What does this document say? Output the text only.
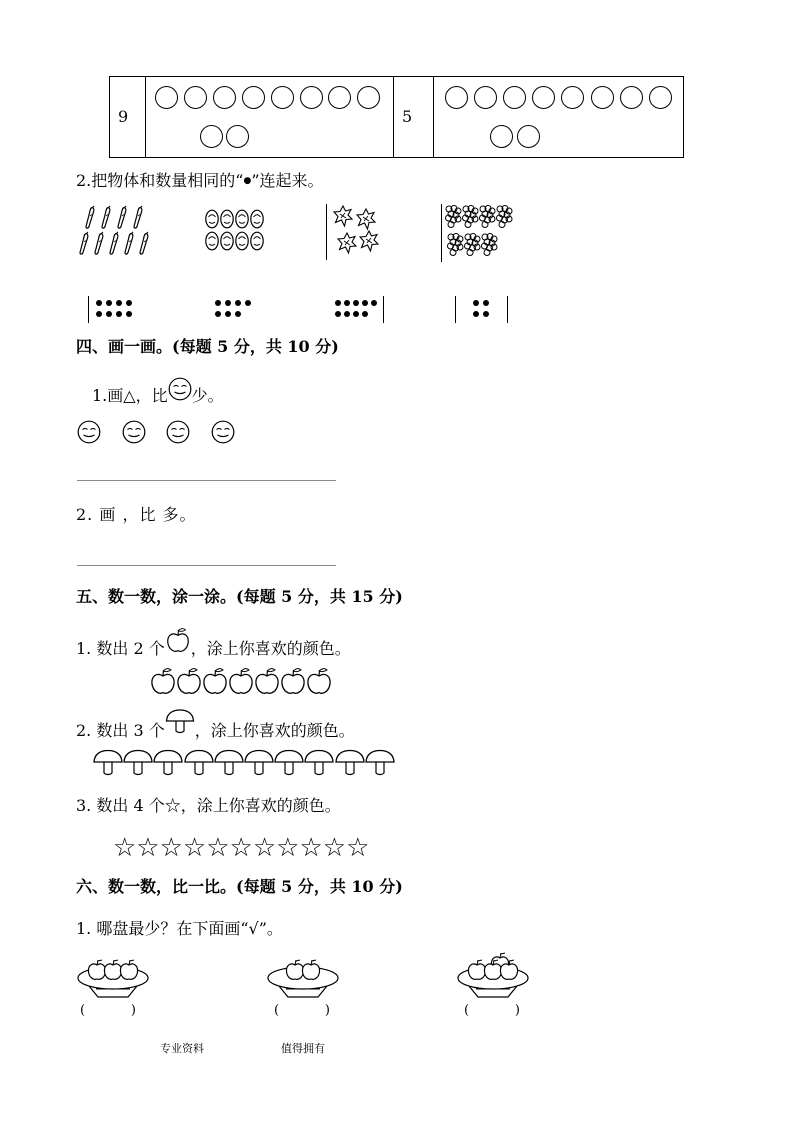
9	5
2.把物体和数量相同的“●”连起来。
四、画一画。(每题 5 分，共 10 分)
1.画△，比 少。
2. 画 ，比 多。
五、数一数，涂一涂。(每题 5 分，共 15 分)
1. 数出 2 个 ，涂上你喜欢的颜色。
2. 数出 3 个 ，涂上你喜欢的颜色。
3. 数出 4 个☆，涂上你喜欢的颜色。
☆☆☆☆☆☆☆☆☆☆☆
六、数一数，比一比。(每题 5 分，共 10 分)
1. 哪盘最少？在下面画“√”。
(      )	(      )	(      )
专业资料	值得拥有
